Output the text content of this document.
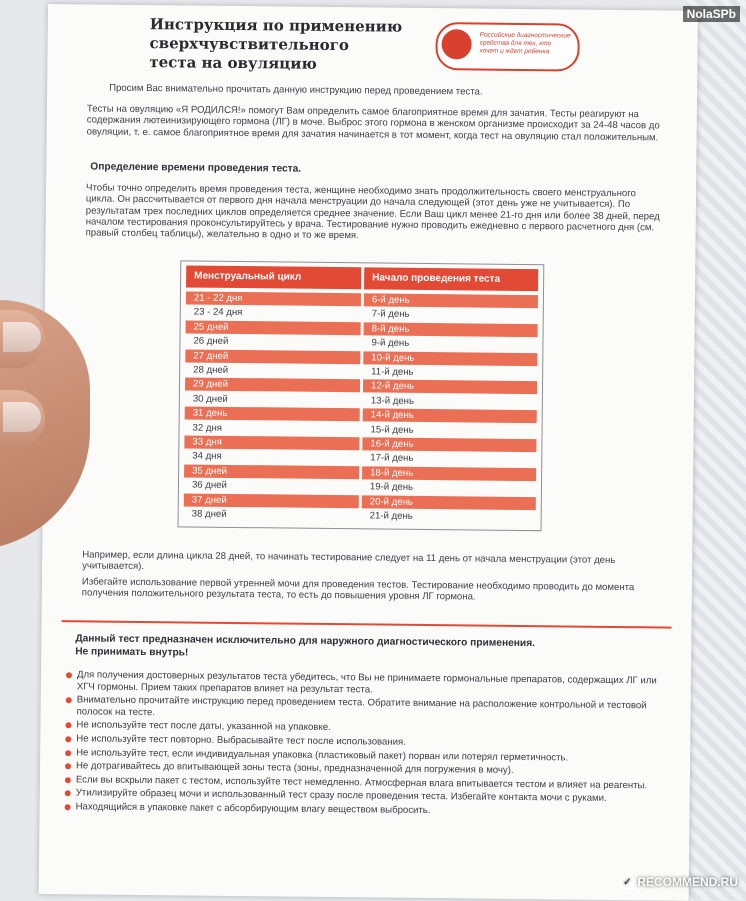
Инструкция по применению
сверхчувствительного
теста на овуляцию
Российские диагностические средства для тех, кто хочет и ждет ребенка

Просим Вас внимательно прочитать данную инструкцию перед проведением теста.

Тесты на овуляцию «Я РОДИЛСЯ!» помогут Вам определить самое благоприятное время для зачатия. Тесты реагируют на содержания лютеинизирующего гормона (ЛГ) в моче. Выброс этого гормона в женском организме происходит за 24-48 часов до овуляции, т. е. самое благоприятное время для зачатия начинается в тот момент, когда тест на овуляцию стал положительным.

Определение времени проведения теста.

Чтобы точно определить время проведения теста, женщине необходимо знать продолжительность своего менструального цикла. Он рассчитывается от первого дня начала менструации до начала следующей (этот день уже не учитывается). По результатам трех последних циклов определяется среднее значение. Если Ваш цикл менее 21-го дня или более 38 дней, перед началом тестирования проконсультируйтесь у врача. Тестирование нужно проводить ежедневно с первого расчетного дня (см. правый столбец таблицы), желательно в одно и то же время.

Менструальный цикл	Начало проведения теста
21 - 22 дня	6-й день
23 - 24 дня	7-й день
25 дней	8-й день
26 дней	9-й день
27 дней	10-й день
28 дней	11-й день
29 дней	12-й день
30 дней	13-й день
31 день	14-й день
32 дня	15-й день
33 дня	16-й день
34 дня	17-й день
35 дней	18-й день
36 дней	19-й день
37 дней	20-й день
38 дней	21-й день

Например, если длина цикла 28 дней, то начинать тестирование следует на 11 день от начала менструации (этот день учитывается).

Избегайте использование первой утренней мочи для проведения тестов. Тестирование необходимо проводить до момента получения положительного результата теста, то есть до повышения уровня ЛГ гормона.

Данный тест предназначен исключительно для наружного диагностического применения.
Не принимать внутрь!
Для получения достоверных результатов теста убедитесь, что Вы не принимаете гормональные препаратов, содержащих ЛГ или ХГЧ гормоны. Прием таких препаратов влияет на результат теста.
Внимательно прочитайте инструкцию перед проведением теста. Обратите внимание на расположение контрольной и тестовой полосок на тесте.
Не используйте тест после даты, указанной на упаковке.
Не используйте тест повторно. Выбрасывайте тест после использования.
Не используйте тест, если индивидуальная упаковка (пластиковый пакет) порван или потерял герметичность.
Не дотрагивайтесь до впитывающей зоны теста (зоны, предназначенной для погружения в мочу).
Если вы вскрыли пакет с тестом, используйте тест немедленно. Атмосферная влага впитывается тестом и влияет на реагенты.
Утилизируйте образец мочи и использованный тест сразу после проведения теста. Избегайте контакта мочи с руками.
Находящийся в упаковке пакет с абсорбирующим влагу веществом выбросить.
NolaSPb
✓ RECOMMEND.RU
